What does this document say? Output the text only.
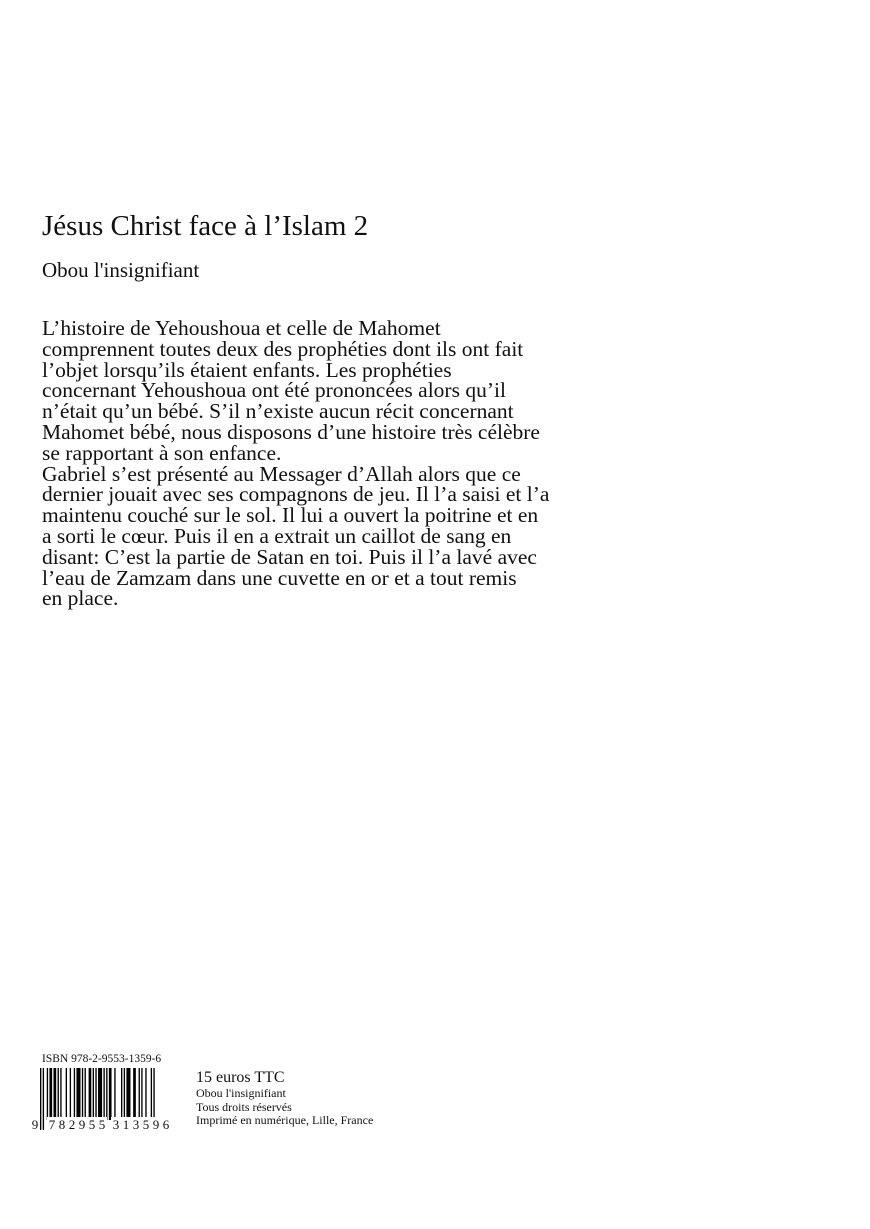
Jésus Christ face à l’Islam 2
Obou l'insignifiant

L’histoire de Yehoushoua et celle de Mahomet
comprennent toutes deux des prophéties dont ils ont fait
l’objet lorsqu’ils étaient enfants. Les prophéties
concernant Yehoushoua ont été prononcées alors qu’il
n’était qu’un bébé. S’il n’existe aucun récit concernant
Mahomet bébé, nous disposons d’une histoire très célèbre
se rapportant à son enfance.

Gabriel s’est présenté au Messager d’Allah alors que ce
dernier jouait avec ses compagnons de jeu. Il l’a saisi et l’a
maintenu couché sur le sol. Il lui a ouvert la poitrine et en
a sorti le cœur. Puis il en a extrait un caillot de sang en
disant: C’est la partie de Satan en toi. Puis il l’a lavé avec
l’eau de Zamzam dans une cuvette en or et a tout remis
en place.

ISBN 978-2-9553-1359-6
9 7 8 2 9 5 5 3 1 3 5 9 6
15 euros TTC
Obou l'insignifiant
Tous droits réservés
Imprimé en numérique, Lille, France
